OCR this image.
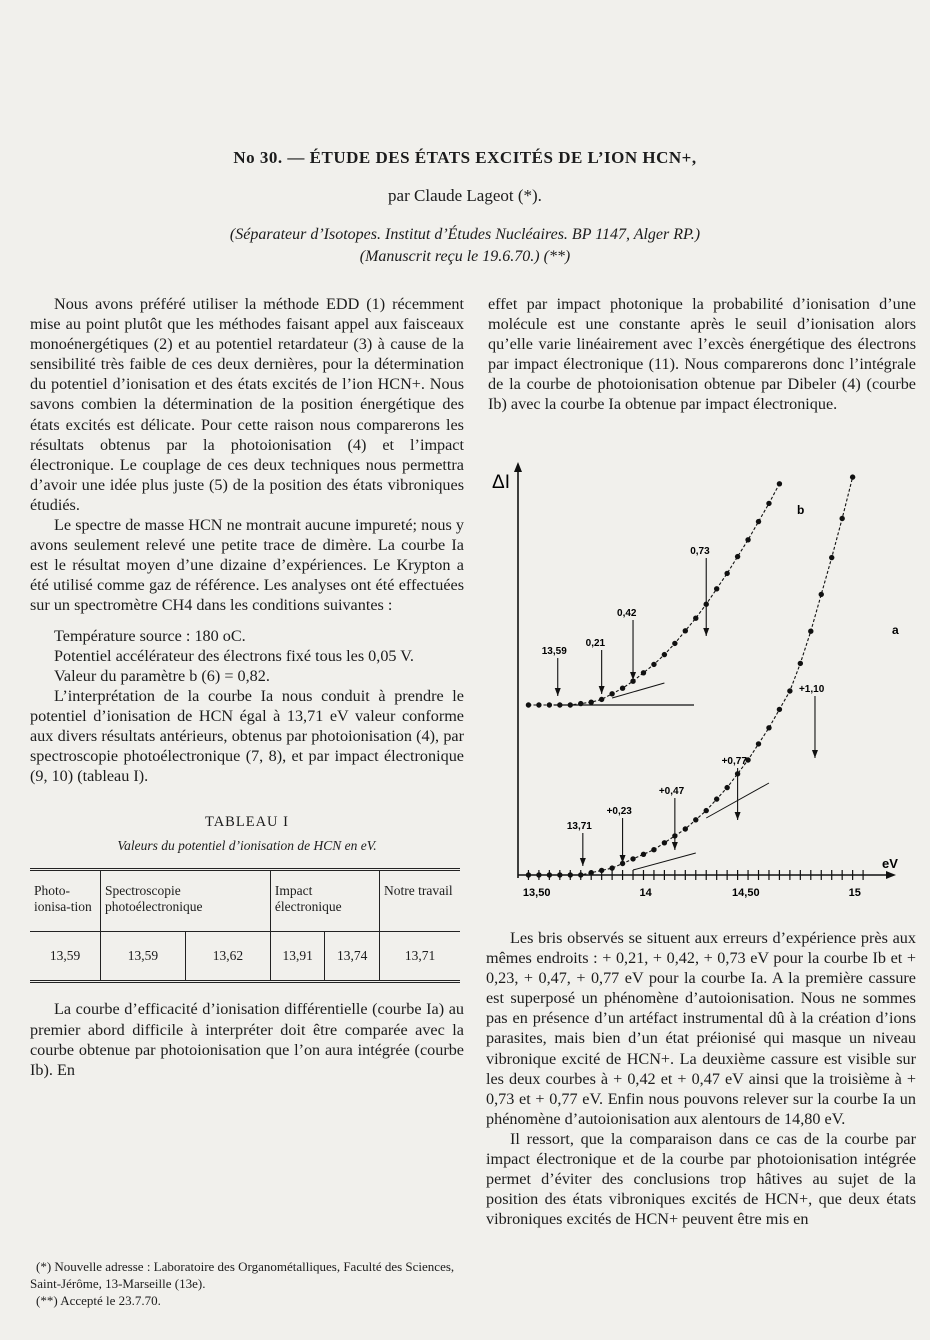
No 30. — ÉTUDE DES ÉTATS EXCITÉS DE L’ION HCN+,
par Claude Lageot (*).
(Séparateur d’Isotopes. Institut d’Études Nucléaires. BP 1147, Alger RP.)
(Manuscrit reçu le 19.6.70.) (**)

Nous avons préféré utiliser la méthode EDD (1) récemment mise au point plutôt que les méthodes faisant appel aux faisceaux monoénergétiques (2) et au potentiel retardateur (3) à cause de la sensibilité très faible de ces deux dernières, pour la détermination du potentiel d’ionisation et des états excités de l’ion HCN+. Nous savons combien la détermination de la position énergétique des états excités est délicate. Pour cette raison nous comparerons les résultats obtenus par la photoionisation (4) et l’impact électronique. Le couplage de ces deux techniques nous permettra d’avoir une idée plus juste (5) de la position des états vibroniques étudiés.

Le spectre de masse HCN ne montrait aucune impureté; nous y avons seulement relevé une petite trace de dimère. La courbe Ia est le résultat moyen d’une dizaine d’expériences. Le Krypton a été utilisé comme gaz de référence. Les analyses ont été effectuées sur un spectromètre CH4 dans les conditions suivantes :

Température source : 180 oC.

Potentiel accélérateur des électrons fixé tous les 0,05 V.

Valeur du paramètre b (6) = 0,82.

L’interprétation de la courbe Ia nous conduit à prendre le potentiel d’ionisation de HCN égal à 13,71 eV valeur conforme aux divers résultats antérieurs, obtenus par photoionisation (4), par spectroscopie photoélectronique (7, 8), et par impact électronique (9, 10) (tableau I).

TABLEAU I
Valeurs du potentiel d’ionisation de HCN en eV.
Photo-ionisa-tion	Spectroscopie photoélectronique		Impact électronique		Notre travail
13,59	13,59	13,62	13,91	13,74	13,71

La courbe d’efficacité d’ionisation différentielle (courbe Ia) au premier abord difficile à interpréter doit être comparée avec la courbe obtenue par photoionisation que l’on aura intégrée (courbe Ib). En

(*) Nouvelle adresse : Laboratoire des Organométalliques, Faculté des Sciences, Saint-Jérôme, 13-Marseille (13e).
(**) Accepté le 23.7.70.

effet par impact photonique la probabilité d’ionisation d’une molécule est une constante après le seuil d’ionisation alors qu’elle varie linéairement avec l’excès énergétique des électrons par impact électronique (11). Nous comparerons donc l’intégrale de la courbe de photoionisation obtenue par Dibeler (4) (courbe Ib) avec la courbe Ia obtenue par impact électronique.

ΔI
eV
13,50	14	14,50	15
13,59
0,21
0,42
0,73
13,71
+0,23
+0,47
+0,77
+1,10
b
a

Les bris observés se situent aux erreurs d’expérience près aux mêmes endroits : + 0,21, + 0,42, + 0,73 eV pour la courbe Ib et + 0,23, + 0,47, + 0,77 eV pour la courbe Ia. A la première cassure est superposé un phénomène d’autoionisation. Nous ne sommes pas en présence d’un artéfact instrumental dû à la création d’ions parasites, mais bien d’un état préionisé qui masque un niveau vibronique excité de HCN+. La deuxième cassure est visible sur les deux courbes à + 0,42 et + 0,47 eV ainsi que la troisième à + 0,73 et + 0,77 eV. Enfin nous pouvons relever sur la courbe Ia un phénomène d’autoionisation aux alentours de 14,80 eV.

Il ressort, que la comparaison dans ce cas de la courbe par impact électronique et de la courbe par photoionisation intégrée permet d’éviter des conclusions trop hâtives au sujet de la position des états vibroniques excités de HCN+, que deux états vibroniques excités de HCN+ peuvent être mis en
